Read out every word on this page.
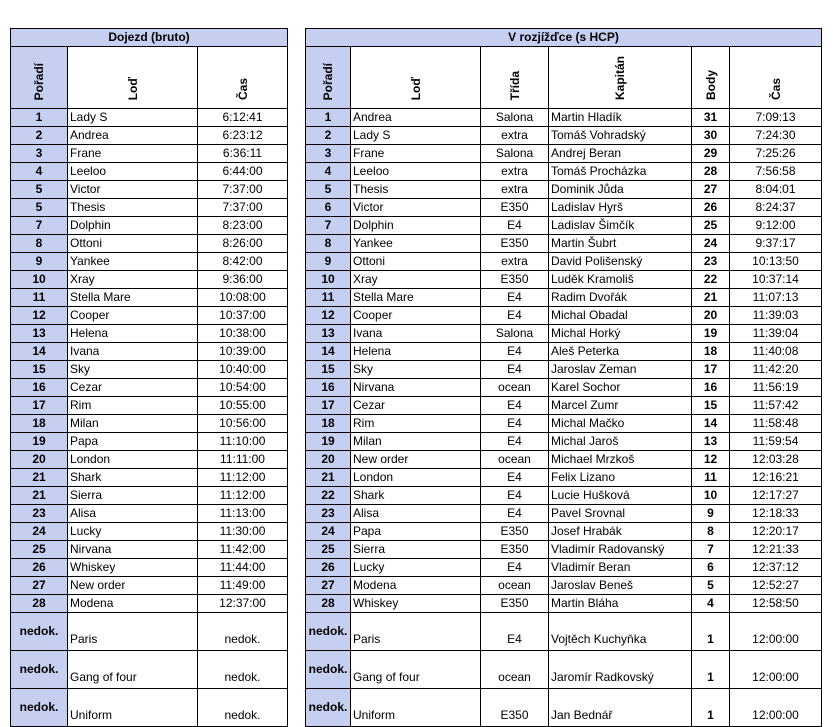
Dojezd (bruto)		
Pořadí	Loď	Čas
1	Lady S	6:12:41
2	Andrea	6:23:12
3	Frane	6:36:11
4	Leeloo	6:44:00
5	Victor	7:37:00
5	Thesis	7:37:00
7	Dolphin	8:23:00
8	Ottoni	8:26:00
9	Yankee	8:42:00
10	Xray	9:36:00
11	Stella Mare	10:08:00
12	Cooper	10:37:00
13	Helena	10:38:00
14	Ivana	10:39:00
15	Sky	10:40:00
16	Cezar	10:54:00
17	Rim	10:55:00
18	Milan	10:56:00
19	Papa	11:10:00
20	London	11:11:00
21	Shark	11:12:00
21	Sierra	11:12:00
23	Alisa	11:13:00
24	Lucky	11:30:00
25	Nirvana	11:42:00
26	Whiskey	11:44:00
27	New order	11:49:00
28	Modena	12:37:00
nedok.	Paris	nedok.
nedok.	Gang of four	nedok.
nedok.	Uniform	nedok.
V rozjížďce (s HCP)					
Pořadí	Loď	Třída	Kapitán	Body	Čas
1	Andrea	Salona	Martin Hladík	31	7:09:13
2	Lady S	extra	Tomáš Vohradský	30	7:24:30
3	Frane	Salona	Andrej Beran	29	7:25:26
4	Leeloo	extra	Tomáš Procházka	28	7:56:58
5	Thesis	extra	Dominik Jůda	27	8:04:01
6	Victor	E350	Ladislav Hyrš	26	8:24:37
7	Dolphin	E4	Ladislav Šimčík	25	9:12:00
8	Yankee	E350	Martin Šubrt	24	9:37:17
9	Ottoni	extra	David Polišenský	23	10:13:50
10	Xray	E350	Luděk Kramoliš	22	10:37:14
11	Stella Mare	E4	Radim Dvořák	21	11:07:13
12	Cooper	E4	Michal Obadal	20	11:39:03
13	Ivana	Salona	Michal Horký	19	11:39:04
14	Helena	E4	Aleš Peterka	18	11:40:08
15	Sky	E4	Jaroslav Zeman	17	11:42:20
16	Nirvana	ocean	Karel Sochor	16	11:56:19
17	Cezar	E4	Marcel Zumr	15	11:57:42
18	Rim	E4	Michal Mačko	14	11:58:48
19	Milan	E4	Michal Jaroš	13	11:59:54
20	New order	ocean	Michael Mrzkoš	12	12:03:28
21	London	E4	Felix Lizano	11	12:16:21
22	Shark	E4	Lucie Hušková	10	12:17:27
23	Alisa	E4	Pavel Srovnal	9	12:18:33
24	Papa	E350	Josef Hrabák	8	12:20:17
25	Sierra	E350	Vladimír Radovanský	7	12:21:33
26	Lucky	E4	Vladimír Beran	6	12:37:12
27	Modena	ocean	Jaroslav Beneš	5	12:52:27
28	Whiskey	E350	Martin Bláha	4	12:58:50
nedok.	Paris	E4	Vojtěch Kuchyňka	1	12:00:00
nedok.	Gang of four	ocean	Jaromír Radkovský	1	12:00:00
nedok.	Uniform	E350	Jan Bednář	1	12:00:00
